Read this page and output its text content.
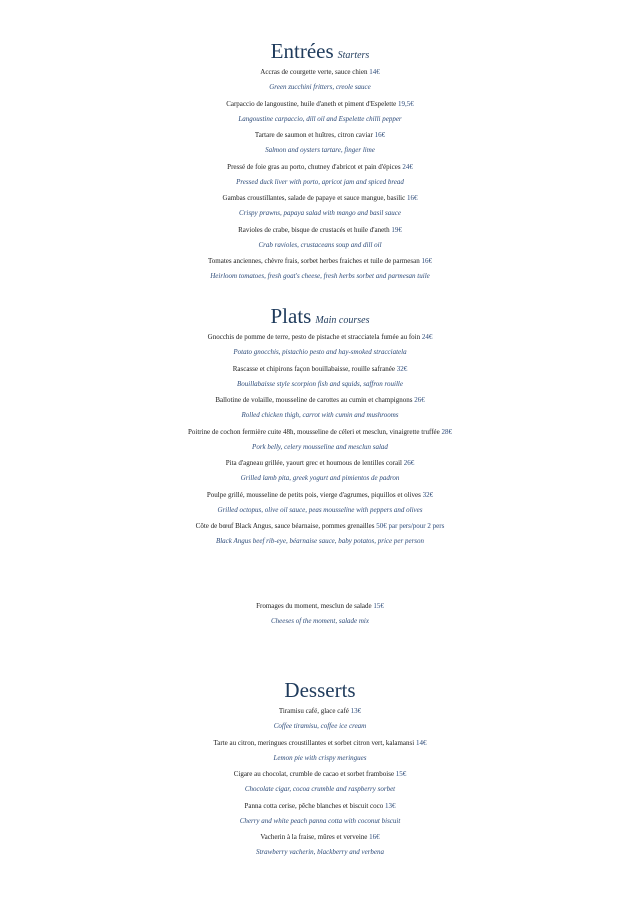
Entrées Starters
Accras de courgette verte, sauce chien 14€
Green zucchini fritters, creole sauce
Carpaccio de langoustine, huile d'aneth et piment d'Espelette 19,5€
Langoustine carpaccio, dill oil and Espelette chilli pepper
Tartare de saumon et huîtres, citron caviar 16€
Salmon and oysters tartare, finger lime
Pressé de foie gras au porto, chutney d'abricot et pain d'épices 24€
Pressed duck liver with porto, apricot jam and spiced bread
Gambas croustillantes, salade de papaye et sauce mangue, basilic 16€
Crispy prawns, papaya salad with mango and basil sauce
Ravioles de crabe, bisque de crustacés et huile d'aneth 19€
Crab ravioles, crustaceans soup and dill oil
Tomates anciennes, chèvre frais, sorbet herbes fraiches et tuile de parmesan 16€
Heirloom tomatoes, fresh goat's cheese, fresh herbs sorbet and parmesan tuile
Plats Main courses
Gnocchis de pomme de terre, pesto de pistache et stracciatela fumée au foin 24€
Potato gnocchis, pistachio pesto and hay-smoked stracciatela
Rascasse et chipirons façon bouillabaisse, rouille safranée 32€
Bouillabaisse style scorpion fish and squids, saffron rouille
Ballotine de volaille, mousseline de carottes au cumin et champignons 26€
Rolled chicken thigh, carrot with cumin and mushrooms
Poitrine de cochon fermière cuite 48h, mousseline de céleri et mesclun, vinaigrette truffée 28€
Pork belly, celery mousseline and mesclun salad
Pita d'agneau grillée, yaourt grec et houmous de lentilles corail 26€
Grilled lamb pita, greek yogurt and pimientos de padron
Poulpe grillé, mousseline de petits pois, vierge d'agrumes, piquillos et olives 32€
Grilled octopus, olive oil sauce, peas mousseline with peppers and olives
Côte de bœuf Black Angus, sauce béarnaise, pommes grenailles 50€ par pers/pour 2 pers
Black Angus beef rib-eye, béarnaise sauce, baby potatos, price per person
Fromages du moment, mesclun de salade 15€
Cheeses of the moment, salade mix
Desserts
Tiramisu café, glace café 13€
Coffee tiramisu, coffee ice cream
Tarte au citron, meringues croustillantes et sorbet citron vert, kalamansi 14€
Lemon pie with crispy meringues
Cigare au chocolat, crumble de cacao et sorbet framboise 15€
Chocolate cigar, cocoa crumble and raspberry sorbet
Panna cotta cerise, pêche blanches et biscuit coco 13€
Cherry and white peach panna cotta with coconut biscuit
Vacherin à la fraise, mûres et verveine 16€
Strawberry vacherin, blackberry and verbena
